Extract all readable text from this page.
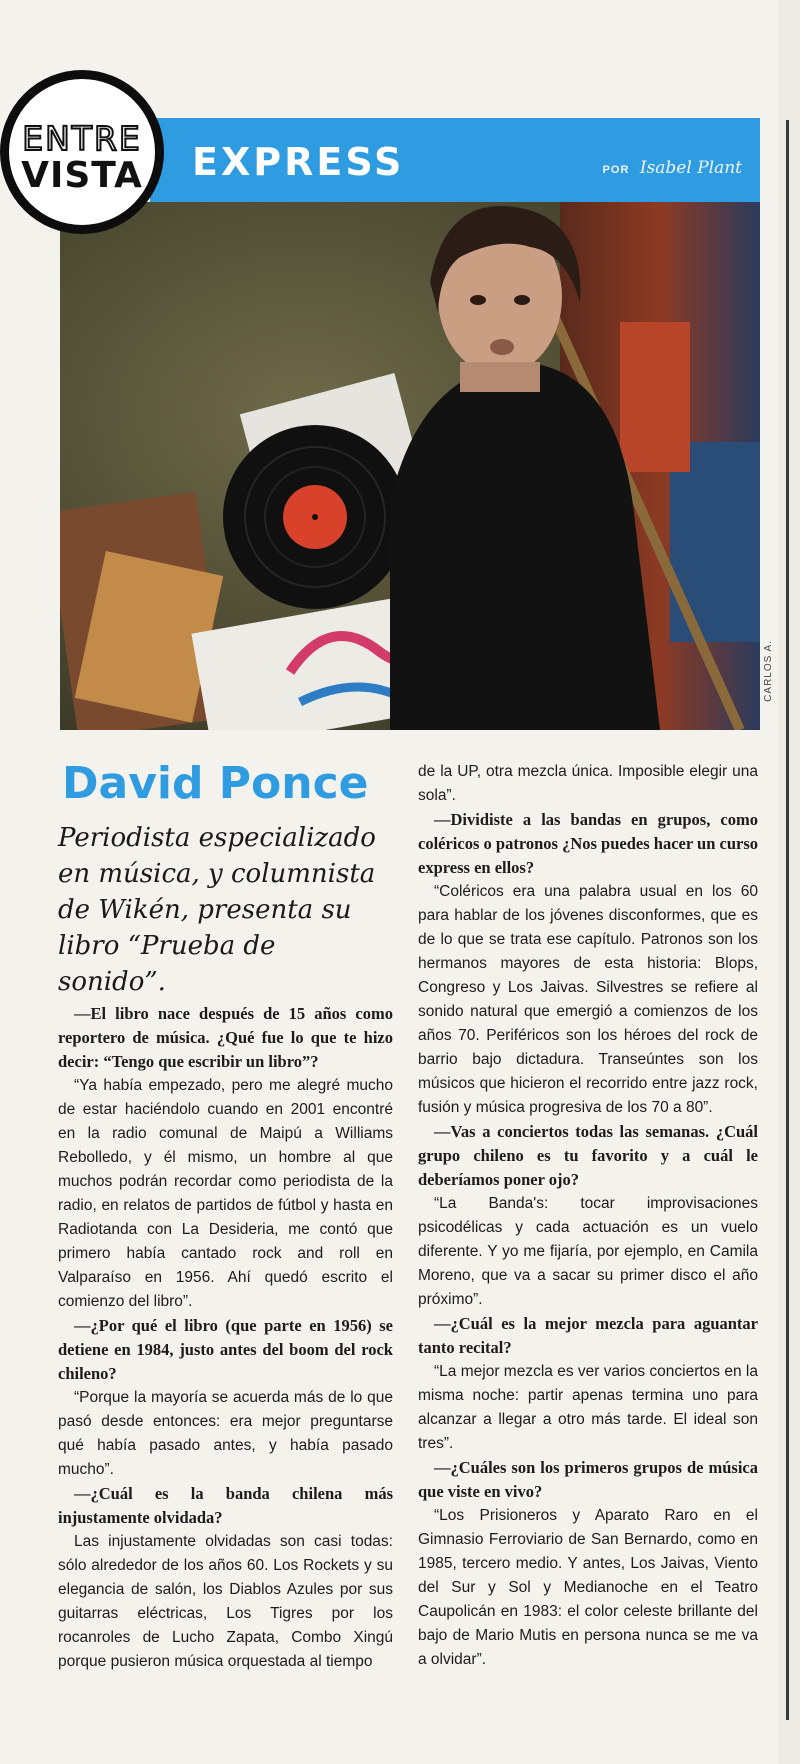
EXPRESS	POR Isabel Plant
CARLOS A.
ENTRE
VISTA
David Ponce

Periodista especializado en música, y columnista de Wikén, presenta su libro “Prueba de sonido”.

—El libro nace después de 15 años como reportero de música. ¿Qué fue lo que te hizo decir: “Tengo que escribir un libro”?

“Ya había empezado, pero me alegré mucho de estar haciéndolo cuando en 2001 encontré en la radio comunal de Maipú a Williams Rebolledo, y él mismo, un hombre al que muchos podrán recordar como periodista de la radio, en relatos de partidos de fútbol y hasta en Radiotanda con La Desideria, me contó que primero había cantado rock and roll en Valparaíso en 1956. Ahí quedó escrito el comienzo del libro”.

—¿Por qué el libro (que parte en 1956) se detiene en 1984, justo antes del boom del rock chileno?

“Porque la mayoría se acuerda más de lo que pasó desde entonces: era mejor preguntarse qué había pasado antes, y había pasado mucho”.

—¿Cuál es la banda chilena más injustamente olvidada?

Las injustamente olvidadas son casi todas: sólo alrededor de los años 60. Los Rockets y su elegancia de salón, los Diablos Azules por sus guitarras eléctricas, Los Tigres por los rocanroles de Lucho Zapata, Combo Xingú porque pusieron música orquestada al tiempo

de la UP, otra mezcla única. Imposible elegir una sola”.

—Dividiste a las bandas en grupos, como coléricos o patronos ¿Nos puedes hacer un curso express en ellos?

“Coléricos era una palabra usual en los 60 para hablar de los jóvenes disconformes, que es de lo que se trata ese capítulo. Patronos son los hermanos mayores de esta historia: Blops, Congreso y Los Jaivas. Silvestres se refiere al sonido natural que emergió a comienzos de los años 70. Periféricos son los héroes del rock de barrio bajo dictadura. Transeúntes son los músicos que hicieron el recorrido entre jazz rock, fusión y música progresiva de los 70 a 80”.

—Vas a conciertos todas las semanas. ¿Cuál grupo chileno es tu favorito y a cuál le deberíamos poner ojo?

“La Banda's: tocar improvisaciones psicodélicas y cada actuación es un vuelo diferente. Y yo me fijaría, por ejemplo, en Camila Moreno, que va a sacar su primer disco el año próximo”.

—¿Cuál es la mejor mezcla para aguantar tanto recital?

“La mejor mezcla es ver varios conciertos en la misma noche: partir apenas termina uno para alcanzar a llegar a otro más tarde. El ideal son tres”.

—¿Cuáles son los primeros grupos de música que viste en vivo?

“Los Prisioneros y Aparato Raro en el Gimnasio Ferroviario de San Bernardo, como en 1985, tercero medio. Y antes, Los Jaivas, Viento del Sur y Sol y Medianoche en el Teatro Caupolicán en 1983: el color celeste brillante del bajo de Mario Mutis en persona nunca se me va a olvidar”.
